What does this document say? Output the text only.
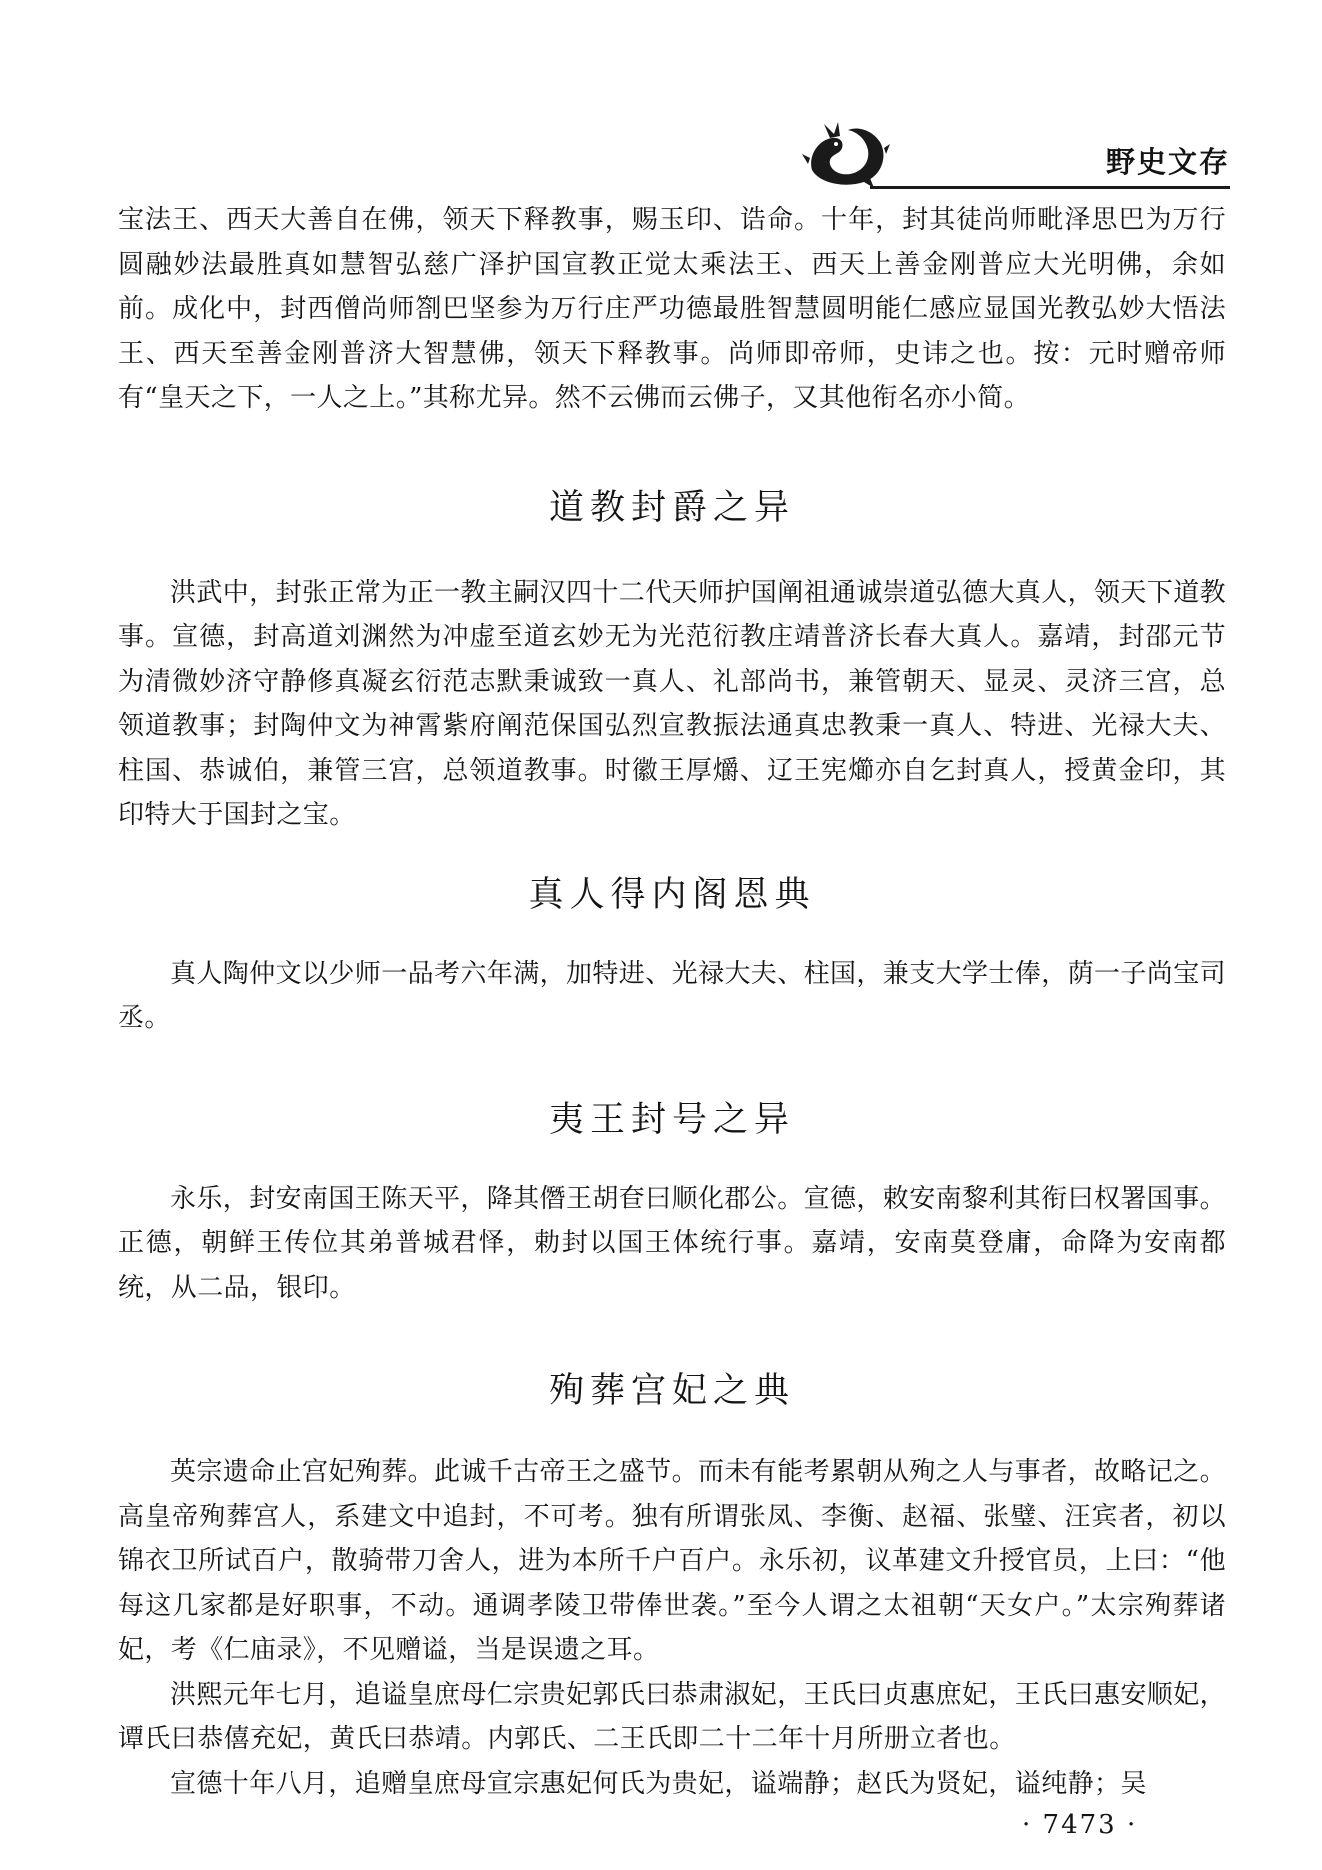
野史文存

宝法王、西天大善自在佛，领天下释教事，赐玉印、诰命。十年，封其徒尚师毗泽思巴为万行圆融妙法最胜真如慧智弘慈广泽护国宣教正觉太乘法王、西天上善金刚普应大光明佛，余如前。成化中，封西僧尚师劄巴坚参为万行庄严功德最胜智慧圆明能仁感应显国光教弘妙大悟法王、西天至善金刚普济大智慧佛，领天下释教事。尚师即帝师，史讳之也。按：元时赠帝师有“皇天之下，一人之上。”其称尤异。然不云佛而云佛子，又其他衔名亦小简。

道教封爵之异

洪武中，封张正常为正一教主嗣汉四十二代天师护国阐祖通诚崇道弘德大真人，领天下道教事。宣德，封高道刘渊然为冲虚至道玄妙无为光范衍教庄靖普济长春大真人。嘉靖，封邵元节为清微妙济守静修真凝玄衍范志默秉诚致一真人、礼部尚书，兼管朝天、显灵、灵济三宫，总领道教事；封陶仲文为神霄紫府阐范保国弘烈宣教振法通真忠教秉一真人、特进、光禄大夫、柱国、恭诚伯，兼管三宫，总领道教事。时徽王厚爝、辽王宪㸅亦自乞封真人，授黄金印，其印特大于国封之宝。

真人得内阁恩典

真人陶仲文以少师一品考六年满，加特进、光禄大夫、柱国，兼支大学士俸，荫一子尚宝司丞。

夷王封号之异

永乐，封安南国王陈天平，降其僭王胡奆曰顺化郡公。宣德，敕安南黎利其衔曰权署国事。正德，朝鲜王传位其弟普城君怿，勅封以国王体统行事。嘉靖，安南莫登庸，命降为安南都统，从二品，银印。

殉葬宫妃之典

英宗遗命止宫妃殉葬。此诚千古帝王之盛节。而未有能考累朝从殉之人与事者，故略记之。高皇帝殉葬宫人，系建文中追封，不可考。独有所谓张凤、李衡、赵福、张璧、汪宾者，初以锦衣卫所试百户，散骑带刀舍人，进为本所千户百户。永乐初，议革建文升授官员，上曰：“他每这几家都是好职事，不动。通调孝陵卫带俸世袭。”至今人谓之太祖朝“天女户。”太宗殉葬诸妃，考《仁庙录》，不见赠谥，当是误遗之耳。

洪熙元年七月，追谥皇庶母仁宗贵妃郭氏曰恭肃淑妃，王氏曰贞惠庶妃，王氏曰惠安顺妃，谭氏曰恭僖充妃，黄氏曰恭靖。内郭氏、二王氏即二十二年十月所册立者也。

宣德十年八月，追赠皇庶母宣宗惠妃何氏为贵妃，谥端静；赵氏为贤妃，谥纯静；吴

· 7473 ·
